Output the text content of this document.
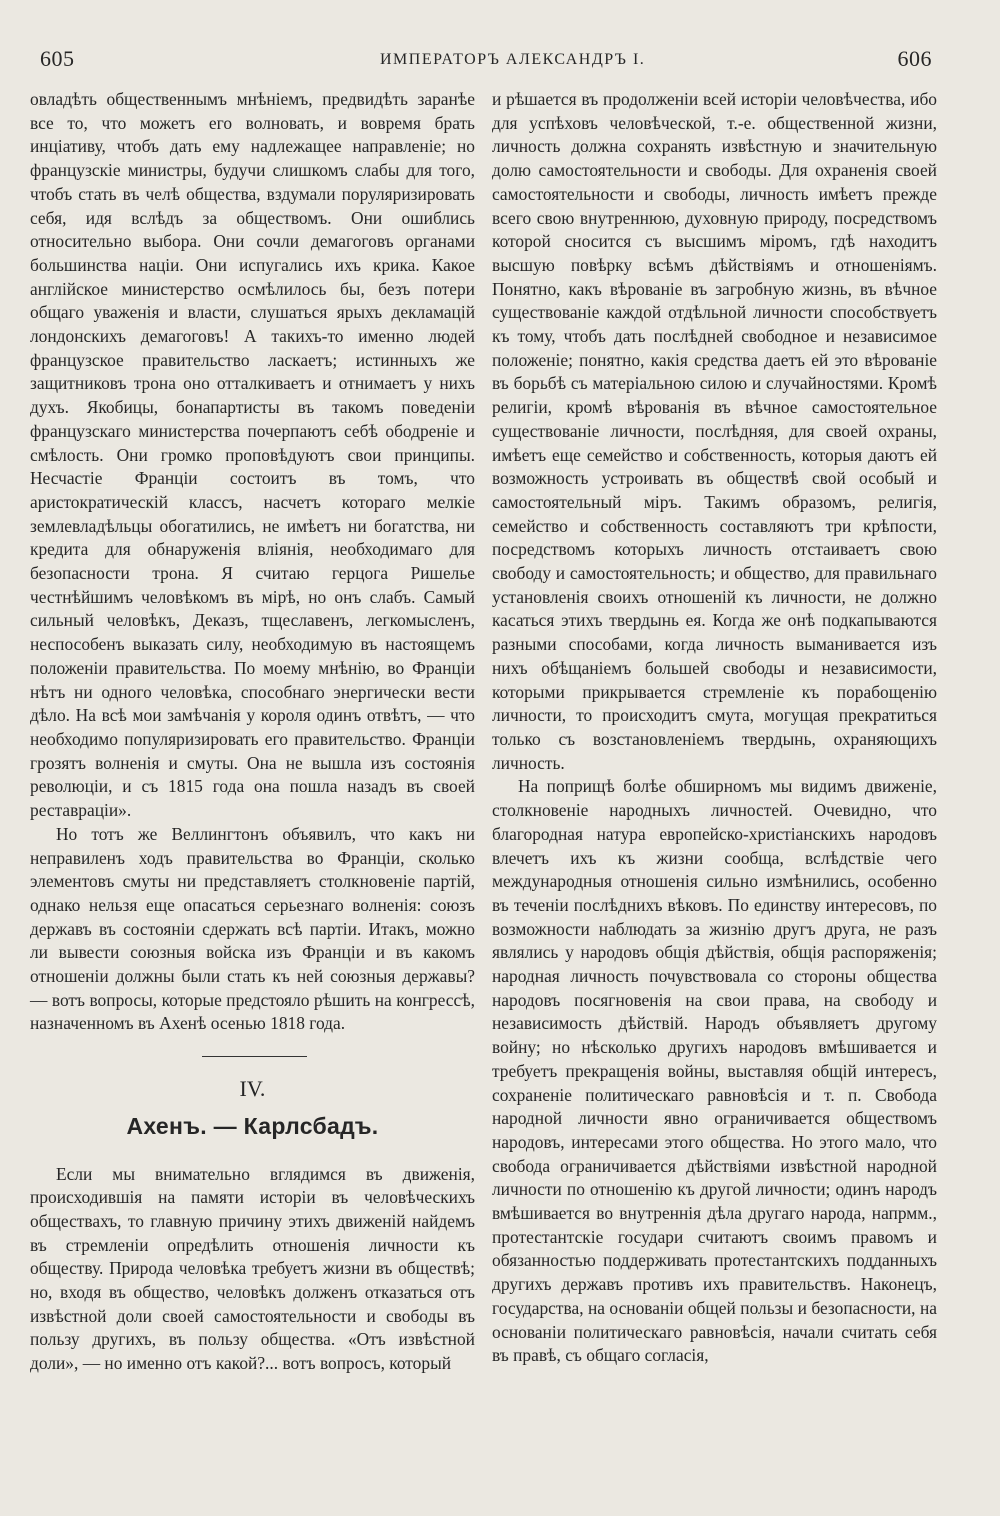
605	ИМПЕРАТОРЪ АЛЕКСАНДРЪ I.	606

овладѣть общественнымъ мнѣніемъ, предвидѣть заранѣе все то, что можетъ его волновать, и вовремя брать инціативу, чтобъ дать ему надлежащее направленіе; но французскіе министры, будучи слишкомъ слабы для того, чтобъ стать въ челѣ общества, вздумали поруляризировать себя, идя вслѣдъ за обществомъ. Они ошиблись относительно выбора. Они сочли демагоговъ органами большинства націи. Они испугались ихъ крика. Какое англійское министерство осмѣлилось бы, безъ потери общаго уваженія и власти, слушаться ярыхъ декламацій лондонскихъ демагоговъ! А такихъ-то именно людей французское правительство ласкаетъ; истинныхъ же защитниковъ трона оно отталкиваетъ и отнимаетъ у нихъ духъ. Якобицы, бонапартисты въ такомъ поведеніи французскаго министерства почерпаютъ себѣ ободреніе и смѣлость. Они громко проповѣдуютъ свои принципы. Несчастіе Франціи состоитъ въ томъ, что аристократическій классъ, насчетъ котораго мелкіе землевладѣльцы обогатились, не имѣетъ ни богатства, ни кредита для обнаруженія вліянія, необходимаго для безопасности трона. Я считаю герцога Ришелье честнѣйшимъ человѣкомъ въ мірѣ, но онъ слабъ. Самый сильный человѣкъ, Деказъ, тщеславенъ, легкомысленъ, неспособенъ выказать силу, необходимую въ настоящемъ положеніи правительства. По моему мнѣнію, во Франціи нѣтъ ни одного человѣка, способнаго энергически вести дѣло. На всѣ мои замѣчанія у короля одинъ отвѣтъ, — что необходимо популяризировать его правительство. Франціи грозятъ волненія и смуты. Она не вышла изъ состоянія революціи, и съ 1815 года она пошла назадъ въ своей реставраціи».

Но тотъ же Веллингтонъ объявилъ, что какъ ни неправиленъ ходъ правительства во Франціи, сколько элементовъ смуты ни представляетъ столкновеніе партій, однако нельзя еще опасаться серьезнаго волненія: союзъ державъ въ состояніи сдержать всѣ партіи. Итакъ, можно ли вывести союзныя войска изъ Франціи и въ какомъ отношеніи должны были стать къ ней союзныя державы? — вотъ вопросы, которые предстояло рѣшить на конгрессѣ, назначенномъ въ Ахенѣ осенью 1818 года.

IV.
Ахенъ. — Карлсбадъ.

Если мы внимательно вглядимся въ движенія, происходившія на памяти исторіи въ человѣческихъ обществахъ, то главную причину этихъ движеній найдемъ въ стремленіи опредѣлить отношенія личности къ обществу. Природа человѣка требуетъ жизни въ обществѣ; но, входя въ общество, человѣкъ долженъ отказаться отъ извѣстной доли своей самостоятельности и свободы въ пользу другихъ, въ пользу общества. «Отъ извѣстной доли», — но именно отъ какой?... вотъ вопросъ, который

и рѣшается въ продолженіи всей исторіи человѣчества, ибо для успѣховъ человѣческой, т.-е. общественной жизни, личность должна сохранять извѣстную и значительную долю самостоятельности и свободы. Для охраненія своей самостоятельности и свободы, личность имѣетъ прежде всего свою внутреннюю, духовную природу, посредствомъ которой сносится съ высшимъ міромъ, гдѣ находитъ высшую повѣрку всѣмъ дѣйствіямъ и отношеніямъ. Понятно, какъ вѣрованіе въ загробную жизнь, въ вѣчное существованіе каждой отдѣльной личности способствуетъ къ тому, чтобъ дать послѣдней свободное и независимое положеніе; понятно, какія средства даетъ ей это вѣрованіе въ борьбѣ съ матеріальною силою и случайностями. Кромѣ религіи, кромѣ вѣрованія въ вѣчное самостоятельное существованіе личности, послѣдняя, для своей охраны, имѣетъ еще семейство и собственность, которыя даютъ ей возможность устроивать въ обществѣ свой особый и самостоятельный міръ. Такимъ образомъ, религія, семейство и собственность составляютъ три крѣпости, посредствомъ которыхъ личность отстаиваетъ свою свободу и самостоятельность; и общество, для правильнаго установленія своихъ отношеній къ личности, не должно касаться этихъ твердынь ея. Когда же онѣ подкапываются разными способами, когда личность выманивается изъ нихъ обѣщаніемъ большей свободы и независимости, которыми прикрывается стремленіе къ порабощенію личности, то происходитъ смута, могущая прекратиться только съ возстановленіемъ твердынь, охраняющихъ личность.

На поприщѣ болѣе обширномъ мы видимъ движеніе, столкновеніе народныхъ личностей. Очевидно, что благородная натура европейско-христіанскихъ народовъ влечетъ ихъ къ жизни сообща, вслѣдствіе чего международныя отношенія сильно измѣнились, особенно въ теченіи послѣднихъ вѣковъ. По единству интересовъ, по возможности наблюдать за жизнію другъ друга, не разъ являлись у народовъ общія дѣйствія, общія распоряженія; народная личность почувствовала со стороны общества народовъ посягновенія на свои права, на свободу и независимость дѣйствій. Народъ объявляетъ другому войну; но нѣсколько другихъ народовъ вмѣшивается и требуетъ прекращенія войны, выставляя общій интересъ, сохраненіе политическаго равновѣсія и т. п. Свобода народной личности явно ограничивается обществомъ народовъ, интересами этого общества. Но этого мало, что свобода ограничивается дѣйствіями извѣстной народной личности по отношенію къ другой личности; одинъ народъ вмѣшивается во внутреннія дѣла другаго народа, напрмм., протестантскіе государи считаютъ своимъ правомъ и обязанностью поддерживать протестантскихъ подданныхъ другихъ державъ противъ ихъ правительствъ. Наконецъ, государства, на основаніи общей пользы и безопасности, на основаніи политическаго равновѣсія, начали считать себя въ правѣ, съ общаго согласія,
